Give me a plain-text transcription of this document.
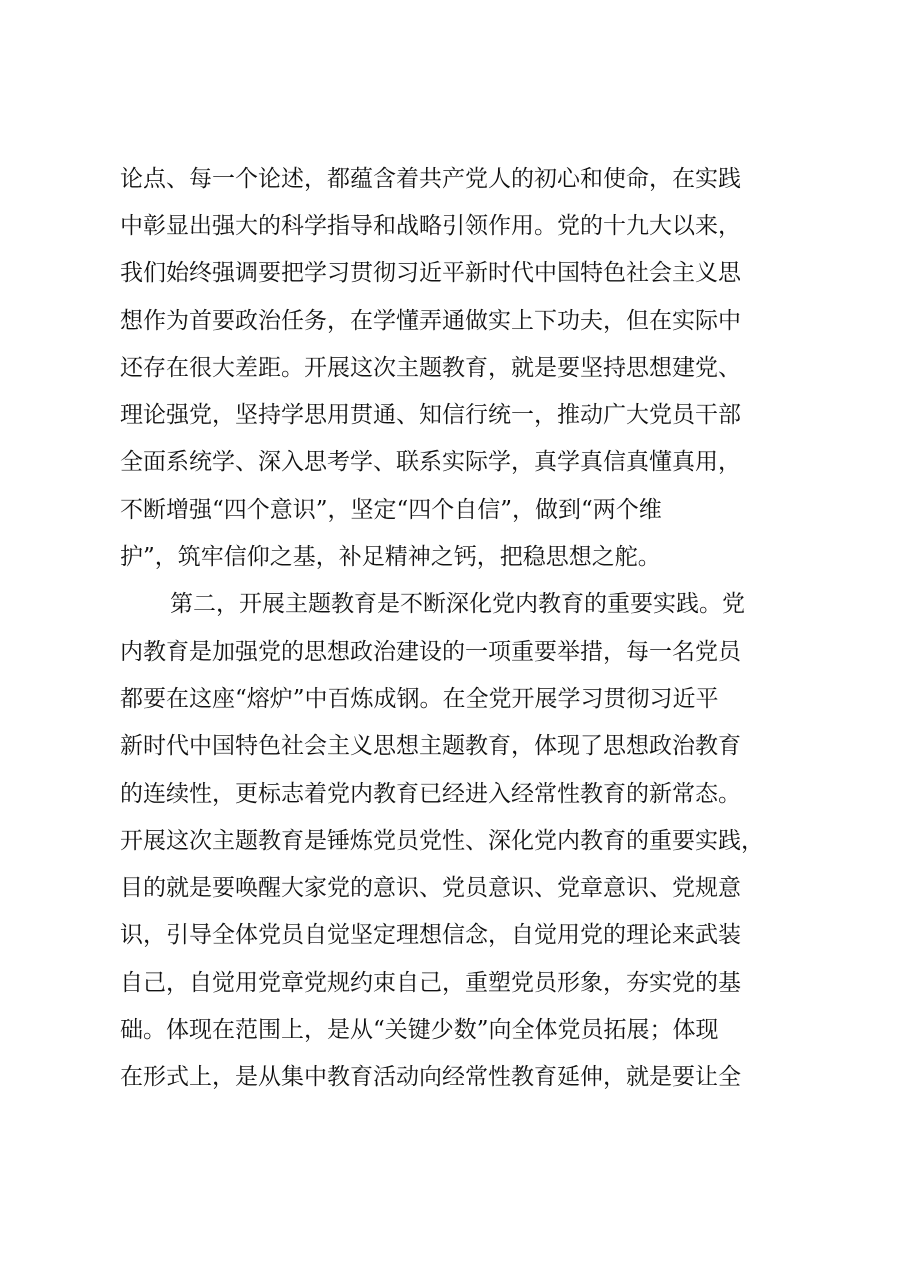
论点、每一个论述，都蕴含着共产党人的初心和使命，在实践
中彰显出强大的科学指导和战略引领作用。党的十九大以来，
我们始终强调要把学习贯彻习近平新时代中国特色社会主义思
想作为首要政治任务，在学懂弄通做实上下功夫，但在实际中
还存在很大差距。开展这次主题教育，就是要坚持思想建党、
理论强党，坚持学思用贯通、知信行统一，推动广大党员干部
全面系统学、深入思考学、联系实际学，真学真信真懂真用，
不断增强“四个意识”，坚定“四个自信”，做到“两个维
护”，筑牢信仰之基，补足精神之钙，把稳思想之舵。
第二，开展主题教育是不断深化党内教育的重要实践。党
内教育是加强党的思想政治建设的一项重要举措，每一名党员
都要在这座“熔炉”中百炼成钢。在全党开展学习贯彻习近平
新时代中国特色社会主义思想主题教育，体现了思想政治教育
的连续性，更标志着党内教育已经进入经常性教育的新常态。
开展这次主题教育是锤炼党员党性、深化党内教育的重要实践，
目的就是要唤醒大家党的意识、党员意识、党章意识、党规意
识，引导全体党员自觉坚定理想信念，自觉用党的理论来武装
自己，自觉用党章党规约束自己，重塑党员形象，夯实党的基
础。体现在范围上，是从“关键少数”向全体党员拓展；体现
在形式上，是从集中教育活动向经常性教育延伸，就是要让全
